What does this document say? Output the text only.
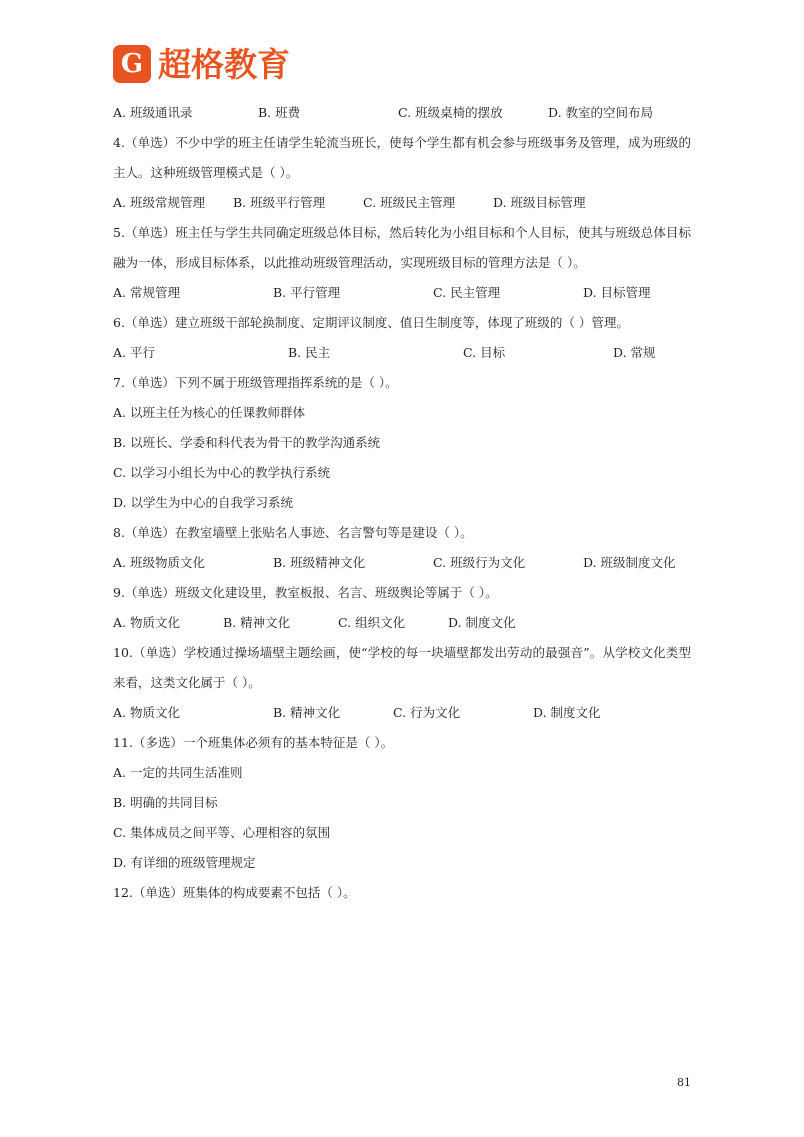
G 超格教育
A. 班级通讯录	B. 班费	C. 班级桌椅的摆放	D. 教室的空间布局
4.（单选）不少中学的班主任请学生轮流当班长，使每个学生都有机会参与班级事务及管理，成为班级的主人。这种班级管理模式是（ ）。
A. 班级常规管理	B. 班级平行管理	C. 班级民主管理	D. 班级目标管理
5.（单选）班主任与学生共同确定班级总体目标，然后转化为小组目标和个人目标，使其与班级总体目标融为一体，形成目标体系，以此推动班级管理活动，实现班级目标的管理方法是（ ）。
A. 常规管理	B. 平行管理	C. 民主管理	D. 目标管理
6.（单选）建立班级干部轮换制度、定期评议制度、值日生制度等，体现了班级的（ ）管理。
A. 平行	B. 民主	C. 目标	D. 常规
7.（单选）下列不属于班级管理指挥系统的是（ ）。
A. 以班主任为核心的任课教师群体
B. 以班长、学委和科代表为骨干的教学沟通系统
C. 以学习小组长为中心的教学执行系统
D. 以学生为中心的自我学习系统
8.（单选）在教室墙壁上张贴名人事迹、名言警句等是建设（ ）。
A. 班级物质文化	B. 班级精神文化	C. 班级行为文化	D. 班级制度文化
9.（单选）班级文化建设里，教室板报、名言、班级舆论等属于（ ）。
A. 物质文化	B. 精神文化	C. 组织文化	D. 制度文化
10.（单选）学校通过操场墙壁主题绘画，使“学校的每一块墙壁都发出劳动的最强音”。从学校文化类型来看，这类文化属于（ ）。
A. 物质文化	B. 精神文化	C. 行为文化	D. 制度文化
11.（多选）一个班集体必须有的基本特征是（ ）。
A. 一定的共同生活准则
B. 明确的共同目标
C. 集体成员之间平等、心理相容的氛围
D. 有详细的班级管理规定
12.（单选）班集体的构成要素不包括（ ）。
81
